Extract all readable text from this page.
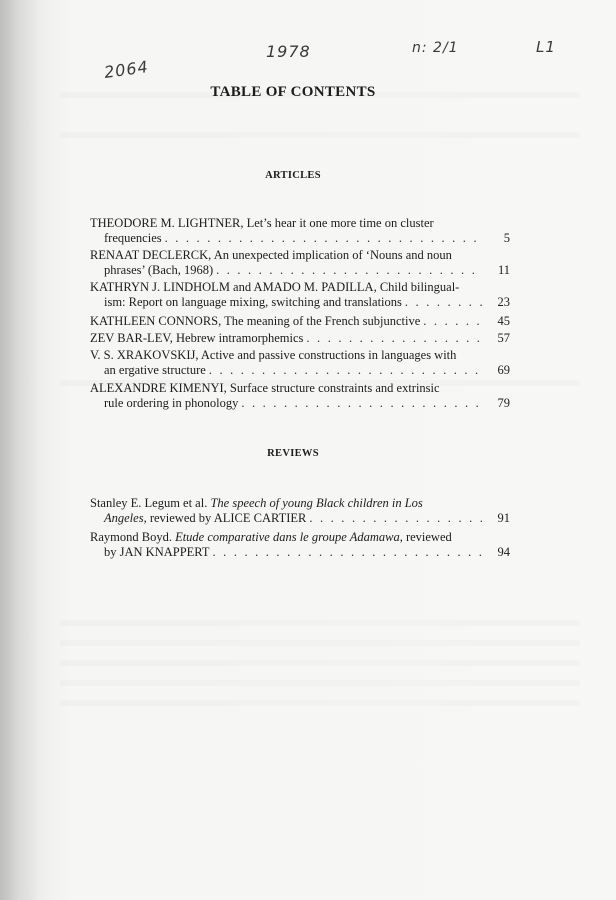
2064
1978	n: 2/1	L1
TABLE OF CONTENTS
ARTICLES
THEODORE M. LIGHTNER, Let’s hear it one more time on cluster
frequencies . . .	5
RENAAT DECLERCK, An unexpected implication of ‘Nouns and noun
phrases’ (Bach, 1968) . . .	11
KATHRYN J. LINDHOLM and AMADO M. PADILLA, Child bilingual-
ism: Report on language mixing, switching and translations . . .	23
KATHLEEN CONNORS, The meaning of the French subjunctive . . .	45
ZEV BAR-LEV, Hebrew intramorphemics . . .	57
V. S. XRAKOVSKIJ, Active and passive constructions in languages with
an ergative structure . . .	69
ALEXANDRE KIMENYI, Surface structure constraints and extrinsic
rule ordering in phonology . . .	79
REVIEWS
Stanley E. Legum et al. The speech of young Black children in Los
Angeles, reviewed by ALICE CARTIER . . .	91
Raymond Boyd. Etude comparative dans le groupe Adamawa, reviewed
by JAN KNAPPERT . . .	94
